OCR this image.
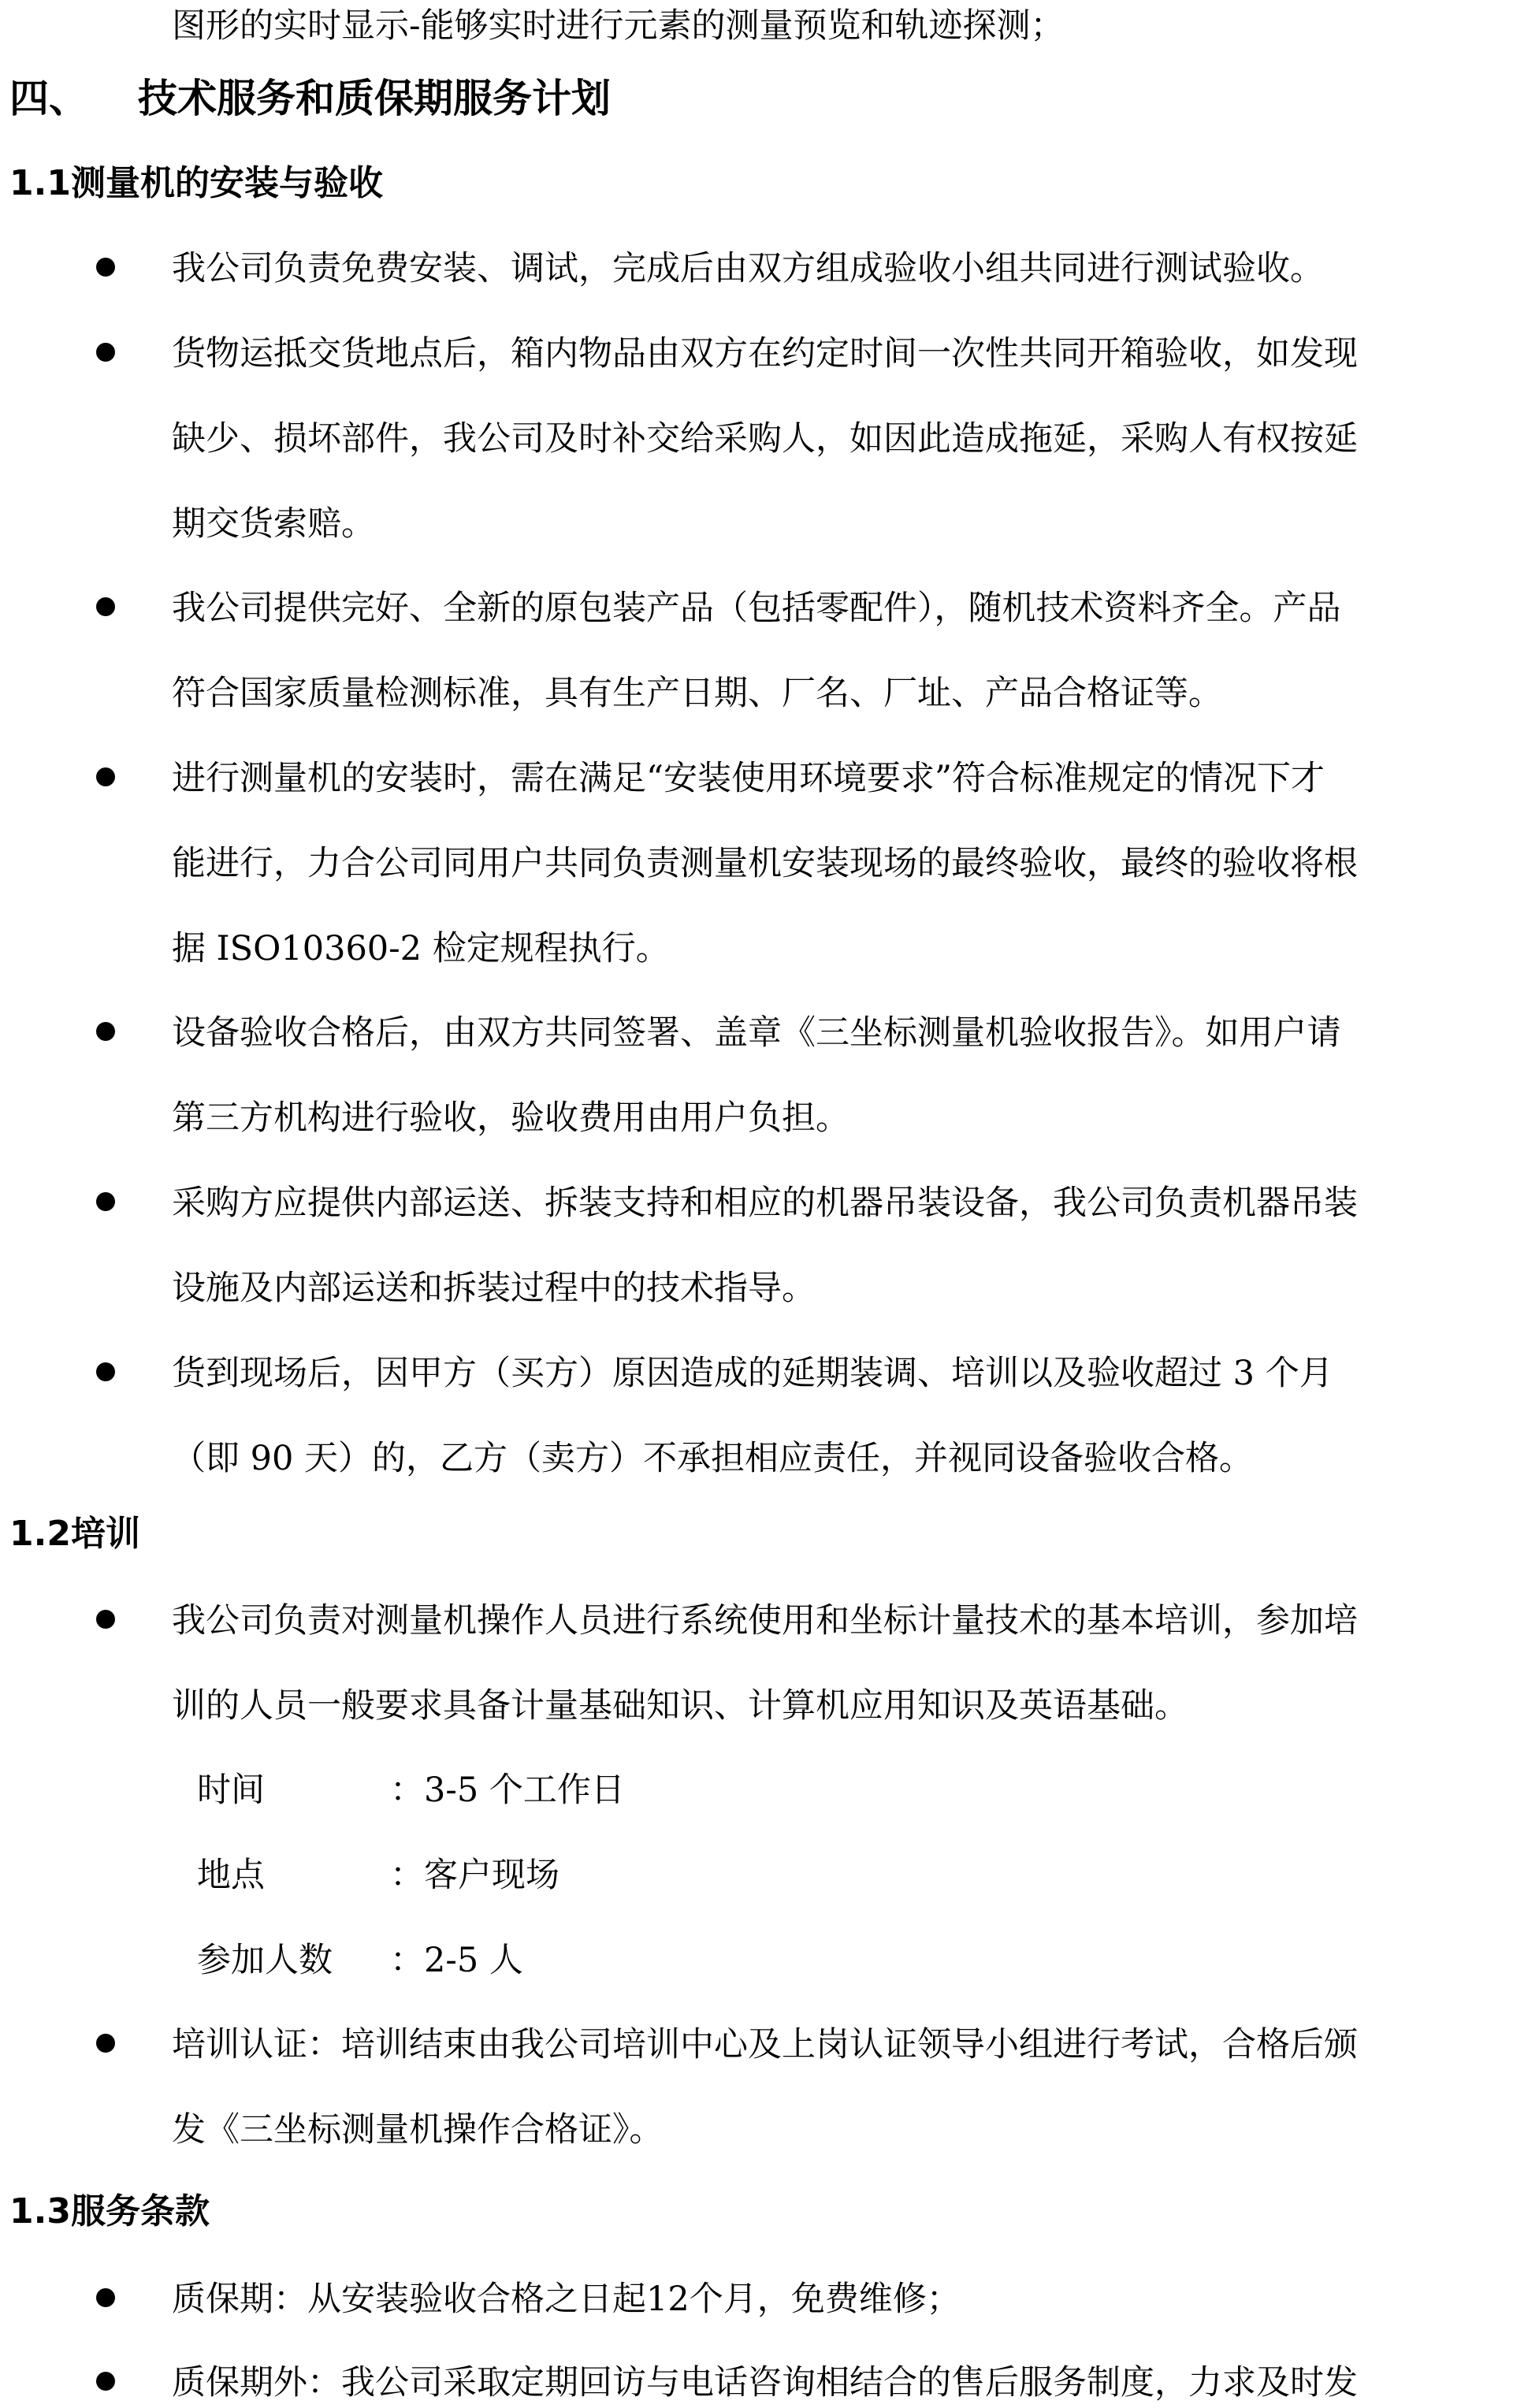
图形的实时显示-能够实时进行元素的测量预览和轨迹探测；
四、 技术服务和质保期服务计划
1.1测量机的安装与验收
我公司负责免费安装、调试，完成后由双方组成验收小组共同进行测试验收。
货物运抵交货地点后，箱内物品由双方在约定时间一次性共同开箱验收，如发现
缺少、损坏部件，我公司及时补交给采购人，如因此造成拖延，采购人有权按延
期交货索赔。
我公司提供完好、全新的原包装产品（包括零配件），随机技术资料齐全。产品
符合国家质量检测标准，具有生产日期、厂名、厂址、产品合格证等。
进行测量机的安装时，需在满足“安装使用环境要求”符合标准规定的情况下才
能进行，力合公司同用户共同负责测量机安装现场的最终验收，最终的验收将根
据 ISO10360-2 检定规程执行。
设备验收合格后，由双方共同签署、盖章《三坐标测量机验收报告》。如用户请
第三方机构进行验收，验收费用由用户负担。
采购方应提供内部运送、拆装支持和相应的机器吊装设备，我公司负责机器吊装
设施及内部运送和拆装过程中的技术指导。
货到现场后，因甲方（买方）原因造成的延期装调、培训以及验收超过 3 个月
（即 90 天）的，乙方（卖方）不承担相应责任，并视同设备验收合格。
1.2培训
我公司负责对测量机操作人员进行系统使用和坐标计量技术的基本培训，参加培
训的人员一般要求具备计量基础知识、计算机应用知识及英语基础。
时间	：3-5 个工作日
地点	：客户现场
参加人数 ：2-5 人
培训认证：培训结束由我公司培训中心及上岗认证领导小组进行考试，合格后颁
发《三坐标测量机操作合格证》。
1.3服务条款
质保期：从安装验收合格之日起12个月，免费维修；
质保期外：我公司采取定期回访与电话咨询相结合的售后服务制度，力求及时发
